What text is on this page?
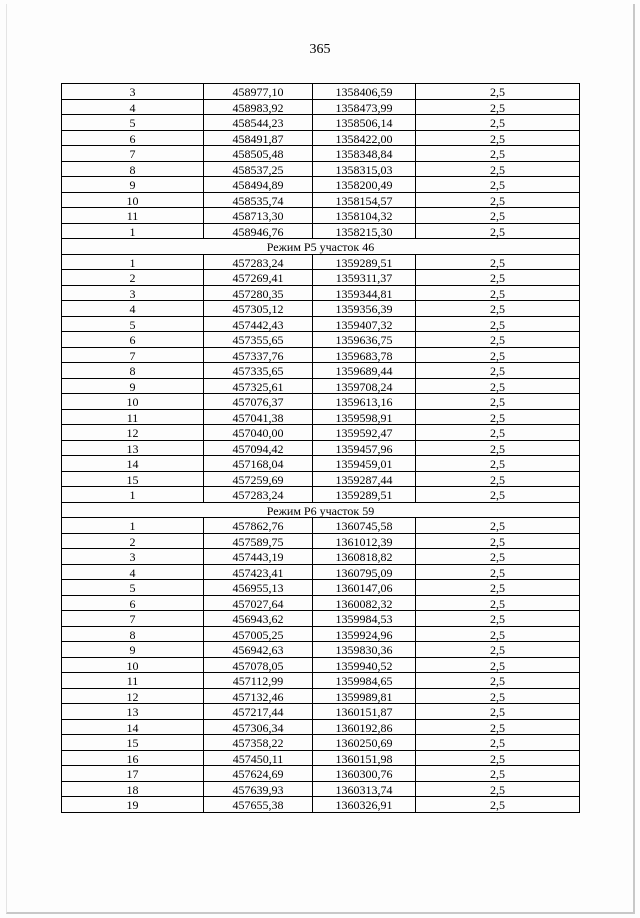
365
3	458977,10	1358406,59	2,5
4	458983,92	1358473,99	2,5
5	458544,23	1358506,14	2,5
6	458491,87	1358422,00	2,5
7	458505,48	1358348,84	2,5
8	458537,25	1358315,03	2,5
9	458494,89	1358200,49	2,5
10	458535,74	1358154,57	2,5
11	458713,30	1358104,32	2,5
1	458946,76	1358215,30	2,5
Режим Р5 участок 46			
1	457283,24	1359289,51	2,5
2	457269,41	1359311,37	2,5
3	457280,35	1359344,81	2,5
4	457305,12	1359356,39	2,5
5	457442,43	1359407,32	2,5
6	457355,65	1359636,75	2,5
7	457337,76	1359683,78	2,5
8	457335,65	1359689,44	2,5
9	457325,61	1359708,24	2,5
10	457076,37	1359613,16	2,5
11	457041,38	1359598,91	2,5
12	457040,00	1359592,47	2,5
13	457094,42	1359457,96	2,5
14	457168,04	1359459,01	2,5
15	457259,69	1359287,44	2,5
1	457283,24	1359289,51	2,5
Режим Р6 участок 59			
1	457862,76	1360745,58	2,5
2	457589,75	1361012,39	2,5
3	457443,19	1360818,82	2,5
4	457423,41	1360795,09	2,5
5	456955,13	1360147,06	2,5
6	457027,64	1360082,32	2,5
7	456943,62	1359984,53	2,5
8	457005,25	1359924,96	2,5
9	456942,63	1359830,36	2,5
10	457078,05	1359940,52	2,5
11	457112,99	1359984,65	2,5
12	457132,46	1359989,81	2,5
13	457217,44	1360151,87	2,5
14	457306,34	1360192,86	2,5
15	457358,22	1360250,69	2,5
16	457450,11	1360151,98	2,5
17	457624,69	1360300,76	2,5
18	457639,93	1360313,74	2,5
19	457655,38	1360326,91	2,5
